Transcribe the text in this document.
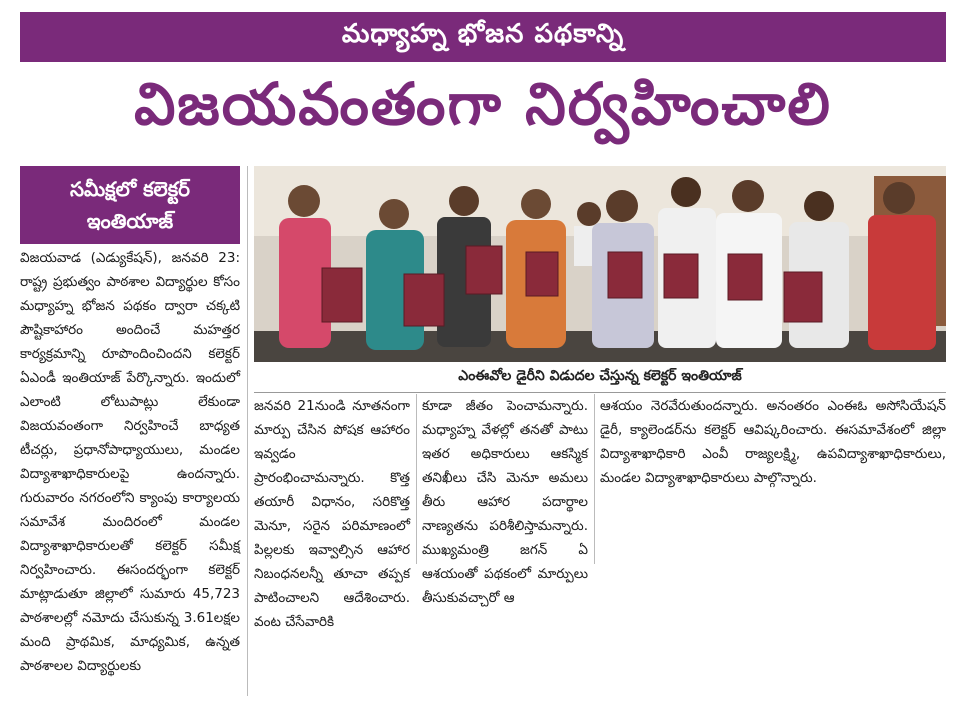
మధ్యాహ్న భోజన పథకాన్ని
విజయవంతంగా నిర్వహించాలి
సమీక్షలో కలెక్టర్
ఇంతియాజ్

విజయవాడ (ఎడ్యుకేషన్), జనవరి 23: రాష్ట్ర ప్రభుత్వం పాఠశాల విద్యార్థుల కోసం మధ్యాహ్న భోజన పథకం ద్వారా చక్కటి పౌష్టికాహారం అందించే మహత్తర కార్యక్రమాన్ని రూపొందించిందని కలెక్టర్ ఏఎండీ ఇంతియాజ్ పేర్కొన్నారు. ఇందులో ఎలాంటి లోటుపాట్లు లేకుండా విజయవంతంగా నిర్వహించే బాధ్యత టీచర్లు, ప్రధానోపాధ్యాయులు, మండల విద్యాశాఖాధికారులపై ఉందన్నారు. గురువారం నగరంలోని క్యాంపు కార్యాలయ సమావేశ మందిరంలో మండల విద్యాశాఖాధికారులతో కలెక్టర్ సమీక్ష నిర్వహించారు. ఈసందర్భంగా కలెక్టర్ మాట్లాడుతూ జిల్లాలో సుమారు 45,723 పాఠశాలల్లో నమోదు చేసుకున్న 3.61లక్షల మంది ప్రాథమిక, మాధ్యమిక, ఉన్నత పాఠశాలల విద్యార్థులకు

ఎంఈవోల డైరీని విడుదల చేస్తున్న కలెక్టర్ ఇంతియాజ్

జనవరి 21నుండి నూతనంగా మార్పు చేసిన పోషక ఆహారం ఇవ్వడం ప్రారంభించామన్నారు. కొత్త తయారీ విధానం, సరికొత్త మెనూ, సరైన పరిమాణంలో పిల్లలకు ఇవ్వాల్సిన ఆహార నిబంధనలన్నీ తూచా తప్పక పాటించాలని ఆదేశించారు. వంట చేసేవారికి

కూడా జీతం పెంచామన్నారు. మధ్యాహ్న వేళల్లో తనతో పాటు ఇతర అధికారులు ఆకస్మిక తనిఖీలు చేసి మెనూ అమలు తీరు ఆహార పదార్థాల నాణ్యతను పరిశీలిస్తామన్నారు. ముఖ్యమంత్రి జగన్ ఏ ఆశయంతో పథకంలో మార్పులు తీసుకువచ్చారో ఆ

ఆశయం నెరవేరుతుందన్నారు. అనంతరం ఎంఈఓ అసోసియేషన్ డైరీ, క్యాలెండర్‌ను కలెక్టర్ ఆవిష్కరించారు. ఈసమావేశంలో జిల్లా విద్యాశాఖాధికారి ఎంవీ రాజ్యలక్ష్మి, ఉపవిద్యాశాఖాధికారులు, మండల విద్యాశాఖాధికారులు పాల్గొన్నారు.
